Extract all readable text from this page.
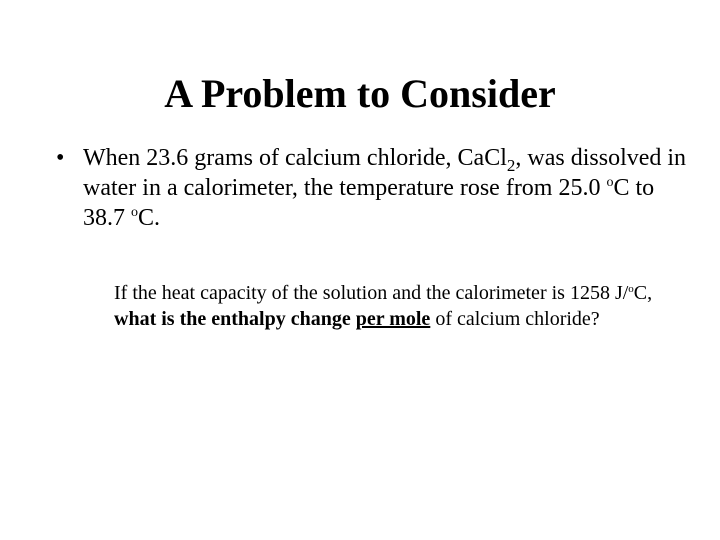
A Problem to Consider
• When 23.6 grams of calcium chloride, CaCl$_2$, was dissolved in water in a calorimeter, the temperature rose from 25.0 $^o$C to 38.7 $^o$C.
If the heat capacity of the solution and the calorimeter is 1258 J/$^o$C, what is the enthalpy change per mole of calcium chloride?
